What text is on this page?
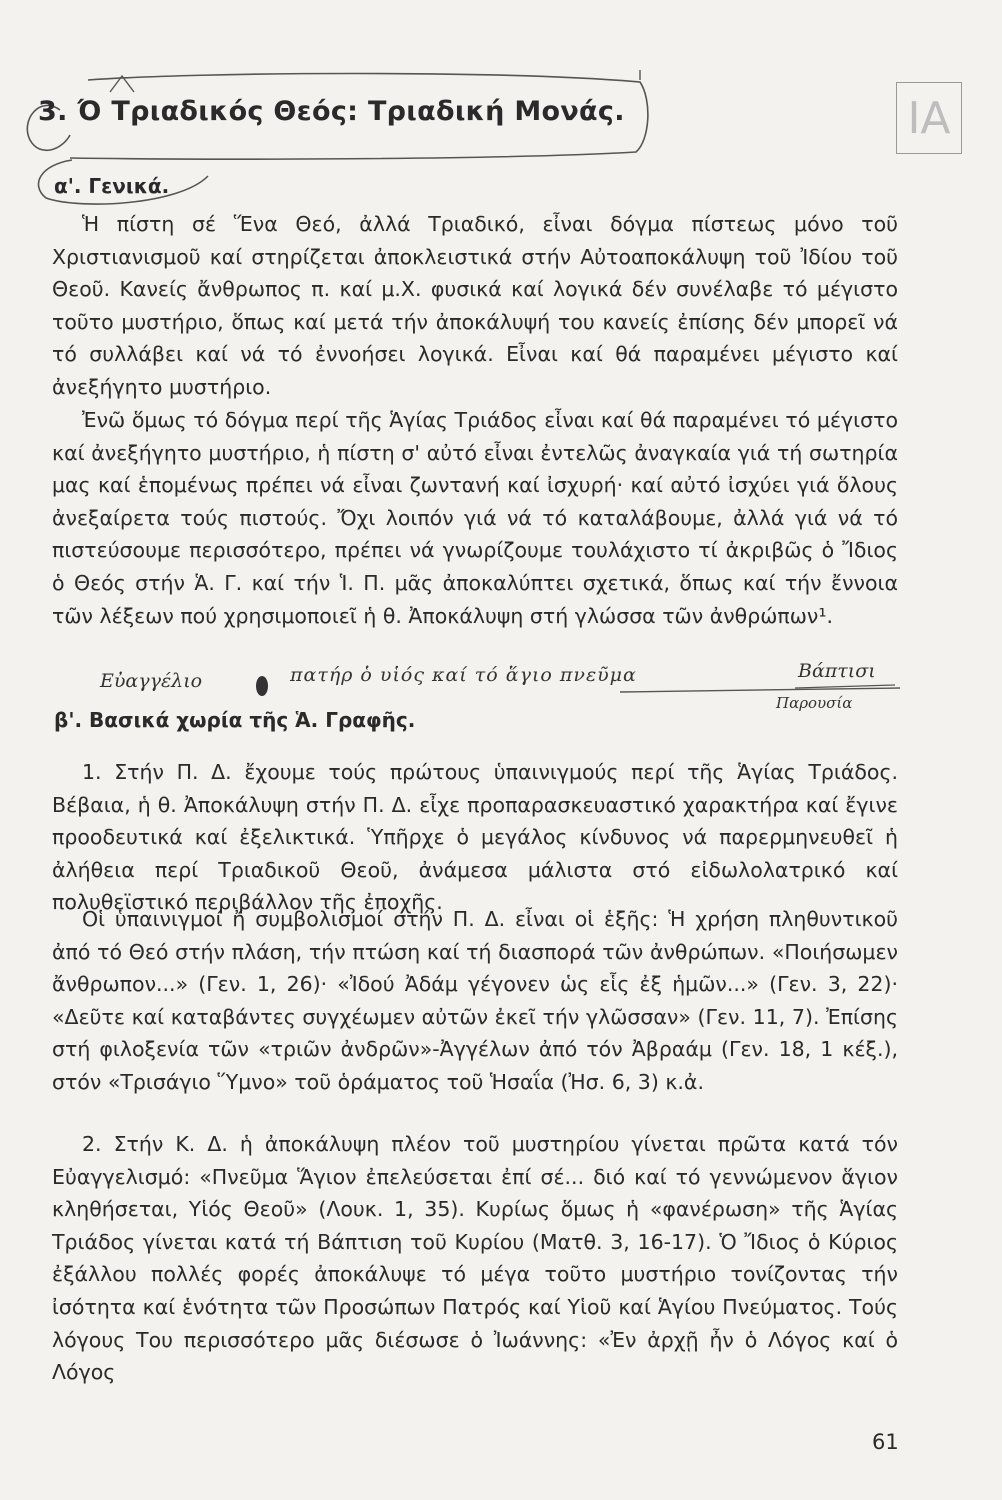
3. Ό Τριαδικός Θεός: Τριαδική Μονάς.	ΙΑ
α'. Γενικά.
Ἡ πίστη σέ Ἕνα Θεό, ἀλλά Τριαδικό, εἶναι δόγμα πίστεως μόνο τοῦ Χριστιανισμοῦ καί στηρίζεται ἀποκλειστικά στήν Αὐτοαποκάλυψη τοῦ Ἰδίου τοῦ Θεοῦ. Κανείς ἄνθρωπος π. καί μ.Χ. φυσικά καί λογικά δέν συνέλαβε τό μέγιστο τοῦτο μυστήριο, ὅπως καί μετά τήν ἀποκάλυψή του κανείς ἐπίσης δέν μπορεῖ νά τό συλλάβει καί νά τό ἐννοήσει λογικά. Εἶναι καί θά παραμένει μέγιστο καί ἀνεξήγητο μυστήριο.
Ἐνῶ ὅμως τό δόγμα περί τῆς Ἁγίας Τριάδος εἶναι καί θά παραμένει τό μέγιστο καί ἀνεξήγητο μυστήριο, ἡ πίστη σ' αὐτό εἶναι ἐντελῶς ἀναγκαία γιά τή σωτηρία μας καί ἑπομένως πρέπει νά εἶναι ζωντανή καί ἰσχυρή· καί αὐτό ἰσχύει γιά ὅλους ἀνεξαίρετα τούς πιστούς. Ὄχι λοιπόν γιά νά τό καταλάβουμε, ἀλλά γιά νά τό πιστεύσουμε περισσότερο, πρέπει νά γνωρίζουμε τουλάχιστο τί ἀκριβῶς ὁ Ἴδιος ὁ Θεός στήν Ἁ. Γ. καί τήν Ἱ. Π. μᾶς ἀποκαλύπτει σχετικά, ὅπως καί τήν ἔννοια τῶν λέξεων πού χρησιμοποιεῖ ἡ θ. Ἀποκάλυψη στή γλώσσα τῶν ἀνθρώπων¹.
Εὐαγγέλιο	πατήρ ὁ υἱός καί τό ἅγιο πνεῦμα	Βάπτισι
Παρουσία
β'. Βασικά χωρία τῆς Ἁ. Γραφῆς.
1. Στήν Π. Δ. ἔχουμε τούς πρώτους ὑπαινιγμούς περί τῆς Ἁγίας Τριάδος. Βέβαια, ἡ θ. Ἀποκάλυψη στήν Π. Δ. εἶχε προπαρασκευαστικό χαρακτήρα καί ἔγινε προοδευτικά καί ἐξελικτικά. Ὑπῆρχε ὁ μεγάλος κίνδυνος νά παρερμηνευθεῖ ἡ ἀλήθεια περί Τριαδικοῦ Θεοῦ, ἀνάμεσα μάλιστα στό εἰδωλολατρικό καί πολυθεϊστικό περιβάλλον τῆς ἐποχῆς.
Οἱ ὑπαινιγμοί ἤ συμβολισμοί στήν Π. Δ. εἶναι οἱ ἑξῆς: Ἡ χρήση πληθυντικοῦ ἀπό τό Θεό στήν πλάση, τήν πτώση καί τή διασπορά τῶν ἀνθρώπων. «Ποιήσωμεν ἄνθρωπον...» (Γεν. 1, 26)· «Ἰδού Ἀδάμ γέγονεν ὡς εἷς ἐξ ἡμῶν...» (Γεν. 3, 22)· «Δεῦτε καί καταβάντες συγχέωμεν αὐτῶν ἐκεῖ τήν γλῶσσαν» (Γεν. 11, 7). Ἐπίσης στή φιλοξενία τῶν «τριῶν ἀνδρῶν»-Ἀγγέλων ἀπό τόν Ἀβραάμ (Γεν. 18, 1 κέξ.), στόν «Τρισάγιο Ὕμνο» τοῦ ὁράματος τοῦ Ἡσαΐα (Ἠσ. 6, 3) κ.ἀ.
2. Στήν Κ. Δ. ἡ ἀποκάλυψη πλέον τοῦ μυστηρίου γίνεται πρῶτα κατά τόν Εὐαγγελισμό: «Πνεῦμα Ἅγιον ἐπελεύσεται ἐπί σέ... διό καί τό γεννώμενον ἅγιον κληθήσεται, Υἱός Θεοῦ» (Λουκ. 1, 35). Κυρίως ὅμως ἡ «φανέρωση» τῆς Ἁγίας Τριάδος γίνεται κατά τή Βάπτιση τοῦ Κυρίου (Ματθ. 3, 16-17). Ὁ Ἴδιος ὁ Κύριος ἐξάλλου πολλές φορές ἀποκάλυψε τό μέγα τοῦτο μυστήριο τονίζοντας τήν ἰσότητα καί ἑνότητα τῶν Προσώπων Πατρός καί Υἱοῦ καί Ἁγίου Πνεύματος. Τούς λόγους Του περισσότερο μᾶς διέσωσε ὁ Ἰωάννης: «Ἐν ἀρχῇ ἦν ὁ Λόγος καί ὁ Λόγος
61
